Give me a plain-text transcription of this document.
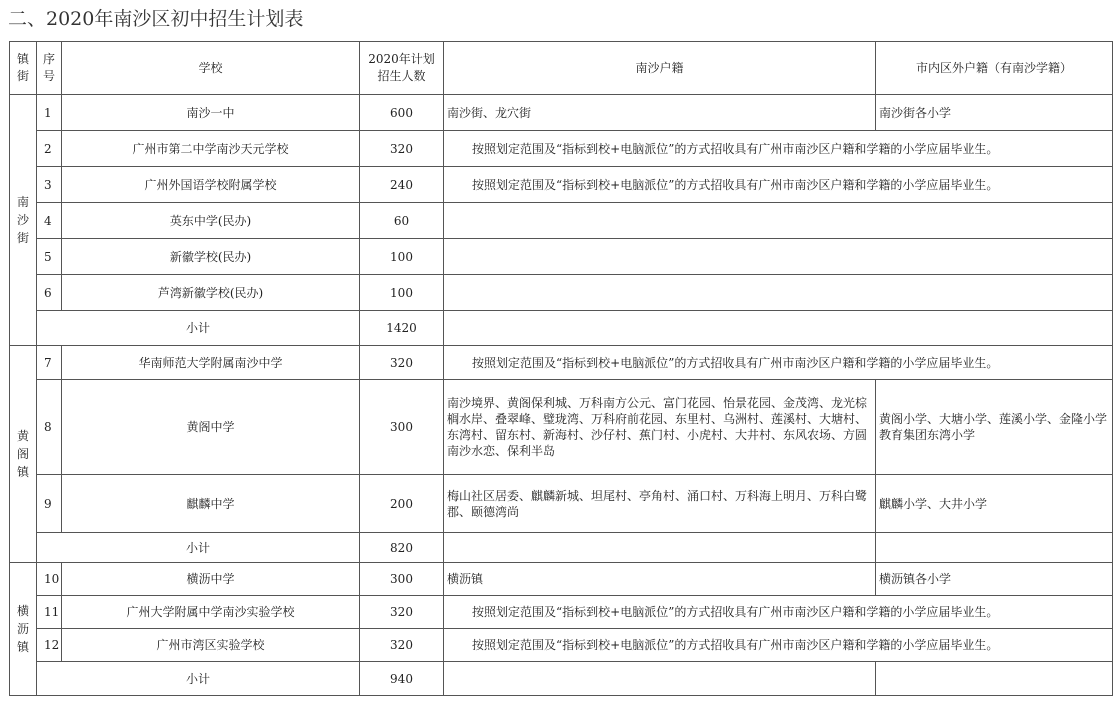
二、2020年南沙区初中招生计划表
镇街	序号	学校	2020年计划招生人数	南沙户籍	市内区外户籍（有南沙学籍）
南沙街	1	南沙一中	600	南沙街、龙穴街	南沙街各小学
	2	广州市第二中学南沙天元学校	320	按照划定范围及“指标到校+电脑派位”的方式招收具有广州市南沙区户籍和学籍的小学应届毕业生。	
	3	广州外国语学校附属学校	240	按照划定范围及“指标到校+电脑派位”的方式招收具有广州市南沙区户籍和学籍的小学应届毕业生。	
	4	英东中学(民办)	60		
	5	新徽学校(民办)	100		
	6	芦湾新徽学校(民办)	100		
	小计		1420		
黄阁镇	7	华南师范大学附属南沙中学	320	按照划定范围及“指标到校+电脑派位”的方式招收具有广州市南沙区户籍和学籍的小学应届毕业生。	
	8	黄阁中学	300	南沙境界、黄阁保利城、万科南方公元、富门花园、怡景花园、金茂湾、龙光棕榈水岸、叠翠峰、璧珑湾、万科府前花园、东里村、乌洲村、莲溪村、大塘村、东湾村、留东村、新海村、沙仔村、蕉门村、小虎村、大井村、东风农场、方圆南沙水恋、保利半岛	黄阁小学、大塘小学、莲溪小学、金隆小学教育集团东湾小学
	9	麒麟中学	200	梅山社区居委、麒麟新城、坦尾村、亭角村、涌口村、万科海上明月、万科白鹭郡、颐德湾尚	麒麟小学、大井小学
	小计		820		
横沥镇	10	横沥中学	300	横沥镇	横沥镇各小学
	11	广州大学附属中学南沙实验学校	320	按照划定范围及“指标到校+电脑派位”的方式招收具有广州市南沙区户籍和学籍的小学应届毕业生。	
	12	广州市湾区实验学校	320	按照划定范围及“指标到校+电脑派位”的方式招收具有广州市南沙区户籍和学籍的小学应届毕业生。	
	小计		940		
